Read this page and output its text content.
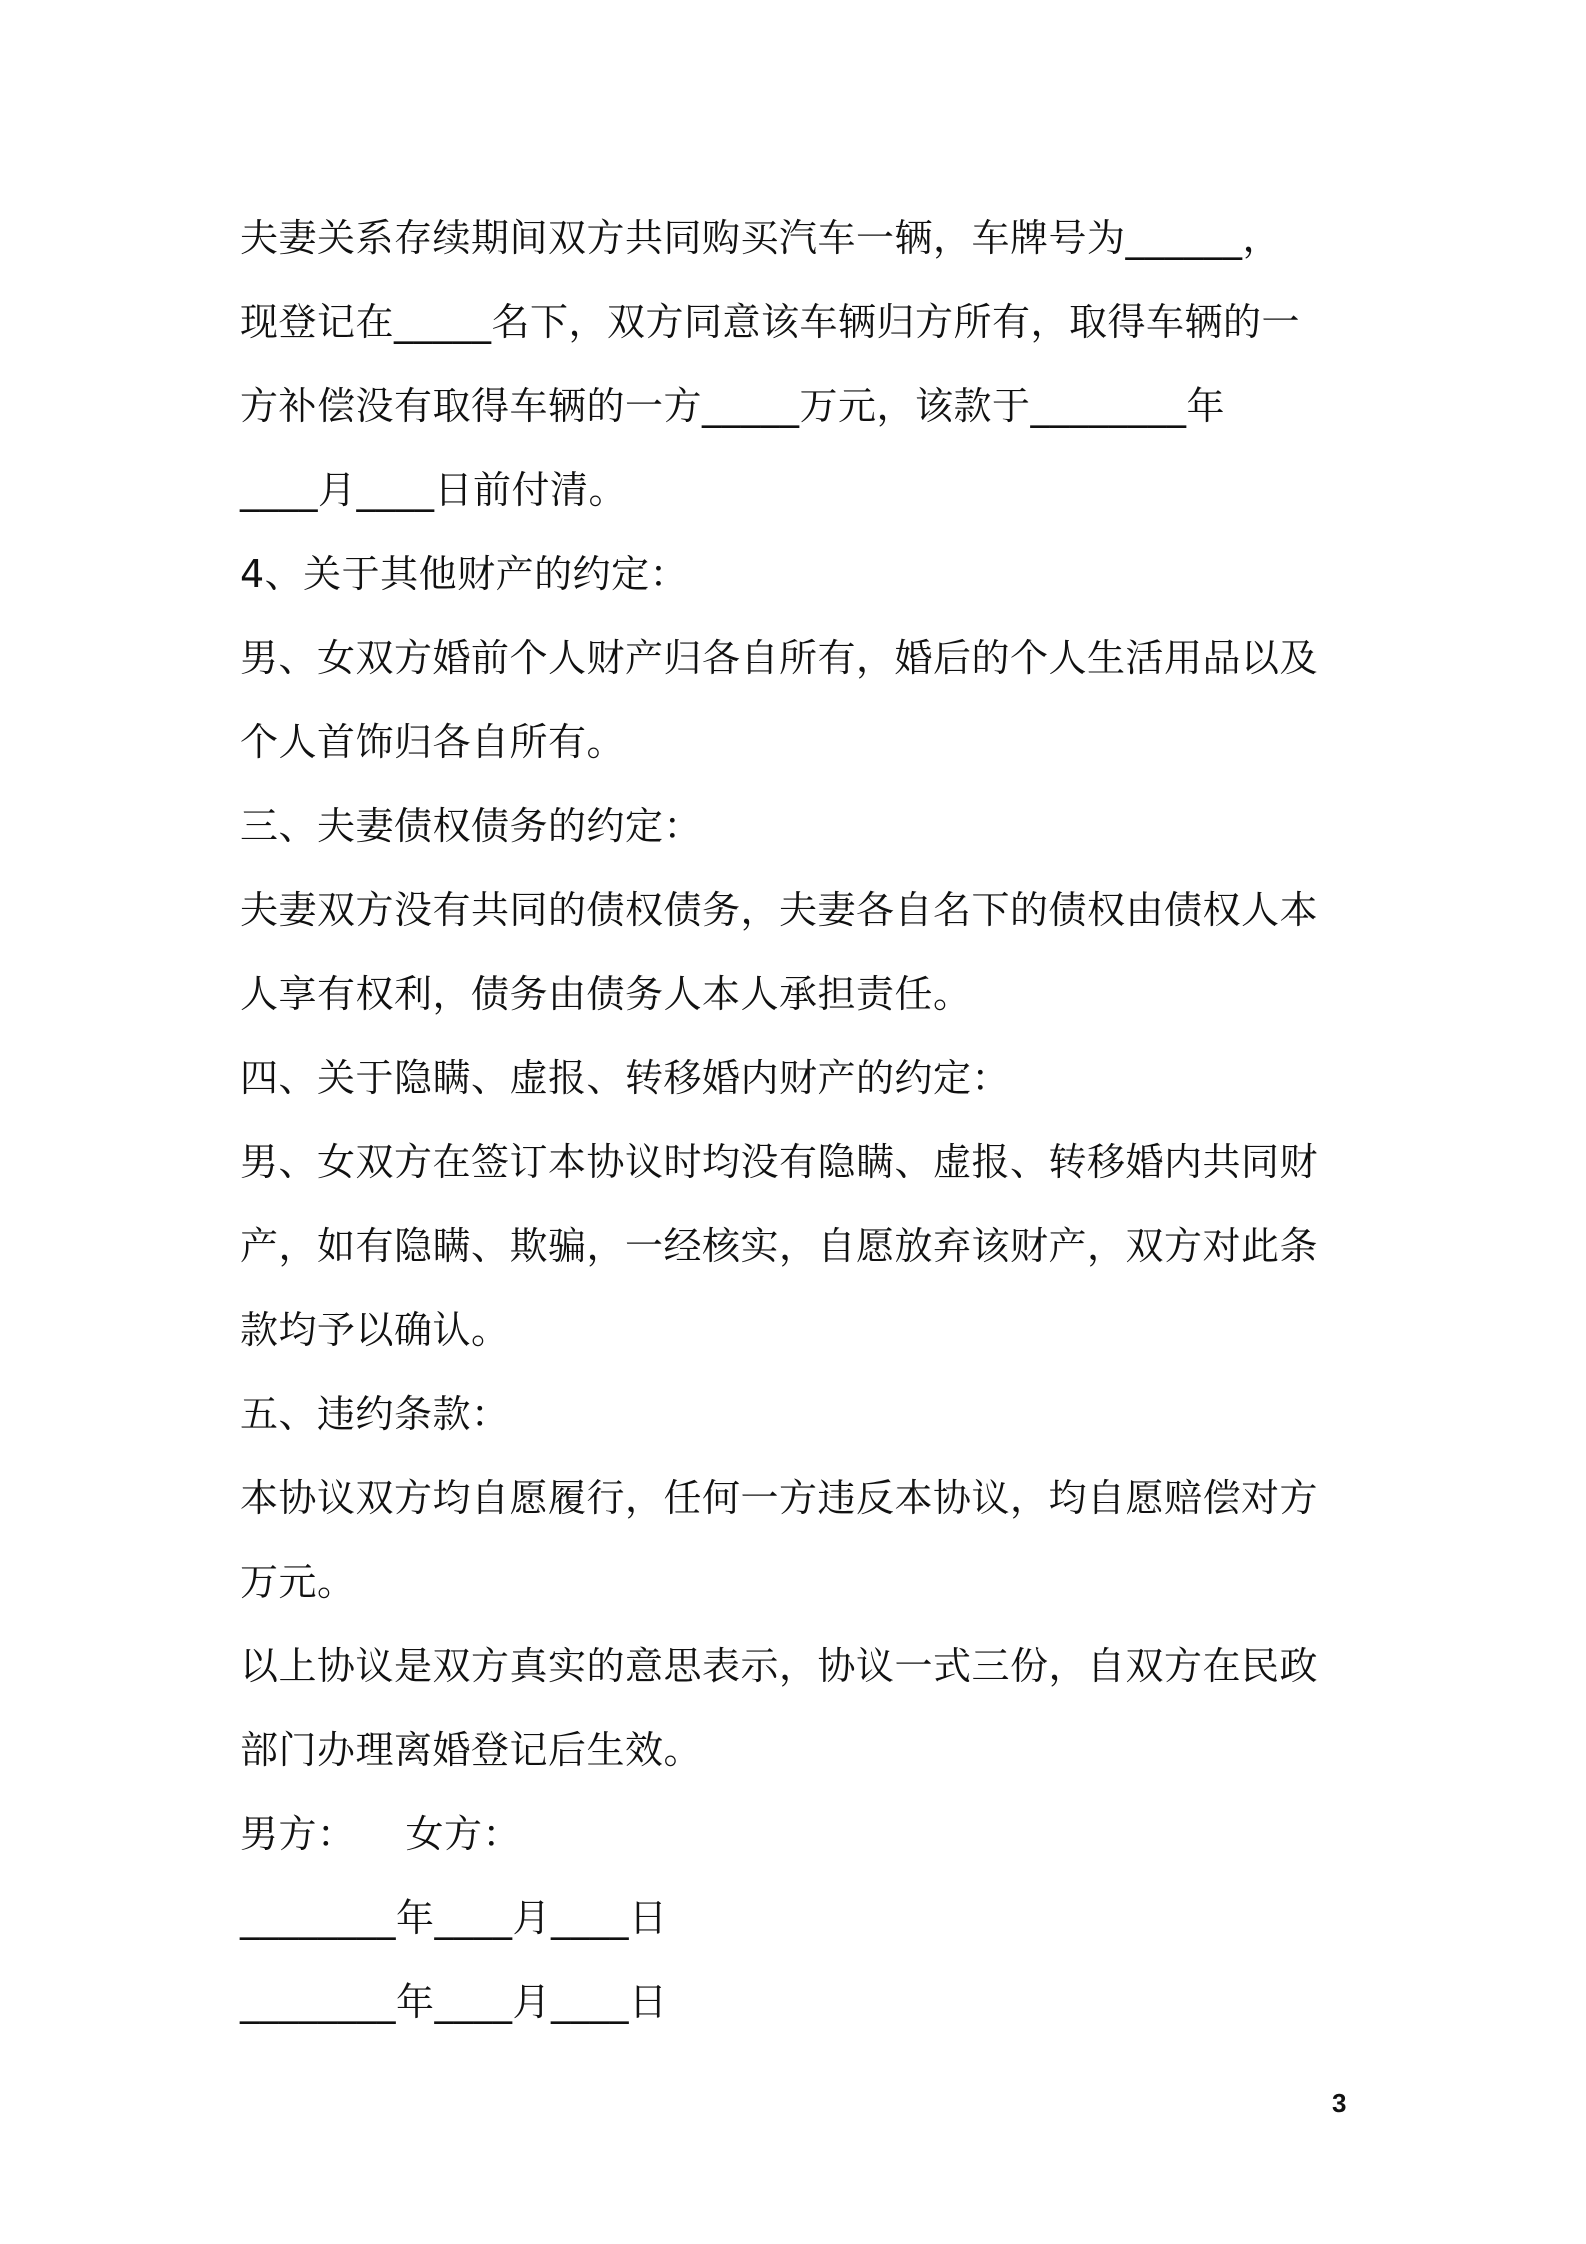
夫妻关系存续期间双方共同购买汽车一辆，车牌号为______，
现登记在_____名下，双方同意该车辆归方所有，取得车辆的一
方补偿没有取得车辆的一方_____万元，该款于________年
____月____日前付清。
4、关于其他财产的约定：
男、女双方婚前个人财产归各自所有，婚后的个人生活用品以及
个人首饰归各自所有。
三、夫妻债权债务的约定：
夫妻双方没有共同的债权债务，夫妻各自名下的债权由债权人本
人享有权利，债务由债务人本人承担责任。
四、关于隐瞒、虚报、转移婚内财产的约定：
男、女双方在签订本协议时均没有隐瞒、虚报、转移婚内共同财
产，如有隐瞒、欺骗，一经核实，自愿放弃该财产，双方对此条
款均予以确认。
五、违约条款：
本协议双方均自愿履行，任何一方违反本协议，均自愿赔偿对方
万元。
以上协议是双方真实的意思表示，协议一式三份，自双方在民政
部门办理离婚登记后生效。
男方： 女方：
________年____月____日
________年____月____日
3
